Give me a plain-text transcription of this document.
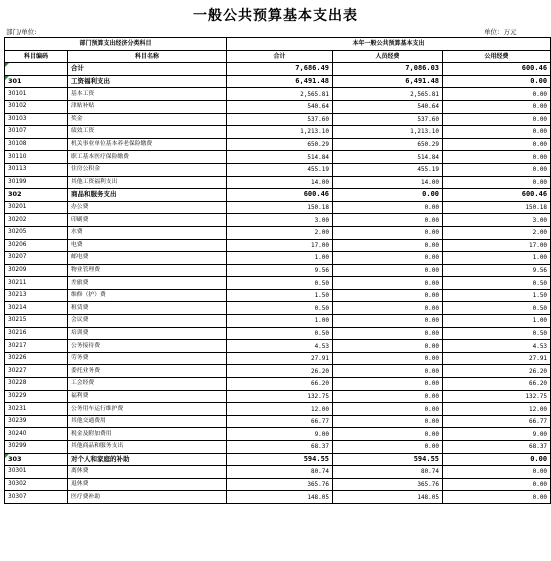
一般公共预算基本支出表
部门/单位:	单位：万元
部门预算支出经济分类科目		本年一般公共预算基本支出		
科目编码	科目名称	合计	人员经费	公用经费
	合计	7,686.49	7,086.03	600.46
301	工资福利支出	6,491.48	6,491.48	0.00
30101	基本工资	2,565.81	2,565.81	0.00
30102	津贴补贴	540.64	540.64	0.00
30103	奖金	537.60	537.60	0.00
30107	绩效工资	1,213.10	1,213.10	0.00
30108	机关事业单位基本养老保险缴费	650.29	650.29	0.00
30110	职工基本医疗保险缴费	514.84	514.84	0.00
30113	住房公积金	455.19	455.19	0.00
30199	其他工资福利支出	14.00	14.00	0.00
302	商品和服务支出	600.46	0.00	600.46
30201	办公费	150.18	0.00	150.18
30202	印刷费	3.00	0.00	3.00
30205	水费	2.00	0.00	2.00
30206	电费	17.00	0.00	17.00
30207	邮电费	1.00	0.00	1.00
30209	物业管理费	9.56	0.00	9.56
30211	差旅费	0.50	0.00	0.50
30213	维修（护）费	1.50	0.00	1.50
30214	租赁费	0.50	0.00	0.50
30215	会议费	1.00	0.00	1.00
30216	培训费	0.50	0.00	0.50
30217	公务接待费	4.53	0.00	4.53
30226	劳务费	27.91	0.00	27.91
30227	委托业务费	26.20	0.00	26.20
30228	工会经费	66.20	0.00	66.20
30229	福利费	132.75	0.00	132.75
30231	公务用车运行维护费	12.00	0.00	12.00
30239	其他交通费用	66.77	0.00	66.77
30240	税金及附加费用	9.00	0.00	9.00
30299	其他商品和服务支出	68.37	0.00	68.37
303	对个人和家庭的补助	594.55	594.55	0.00
30301	离休费	80.74	80.74	0.00
30302	退休费	365.76	365.76	0.00
30307	医疗费补助	148.05	148.05	0.00
